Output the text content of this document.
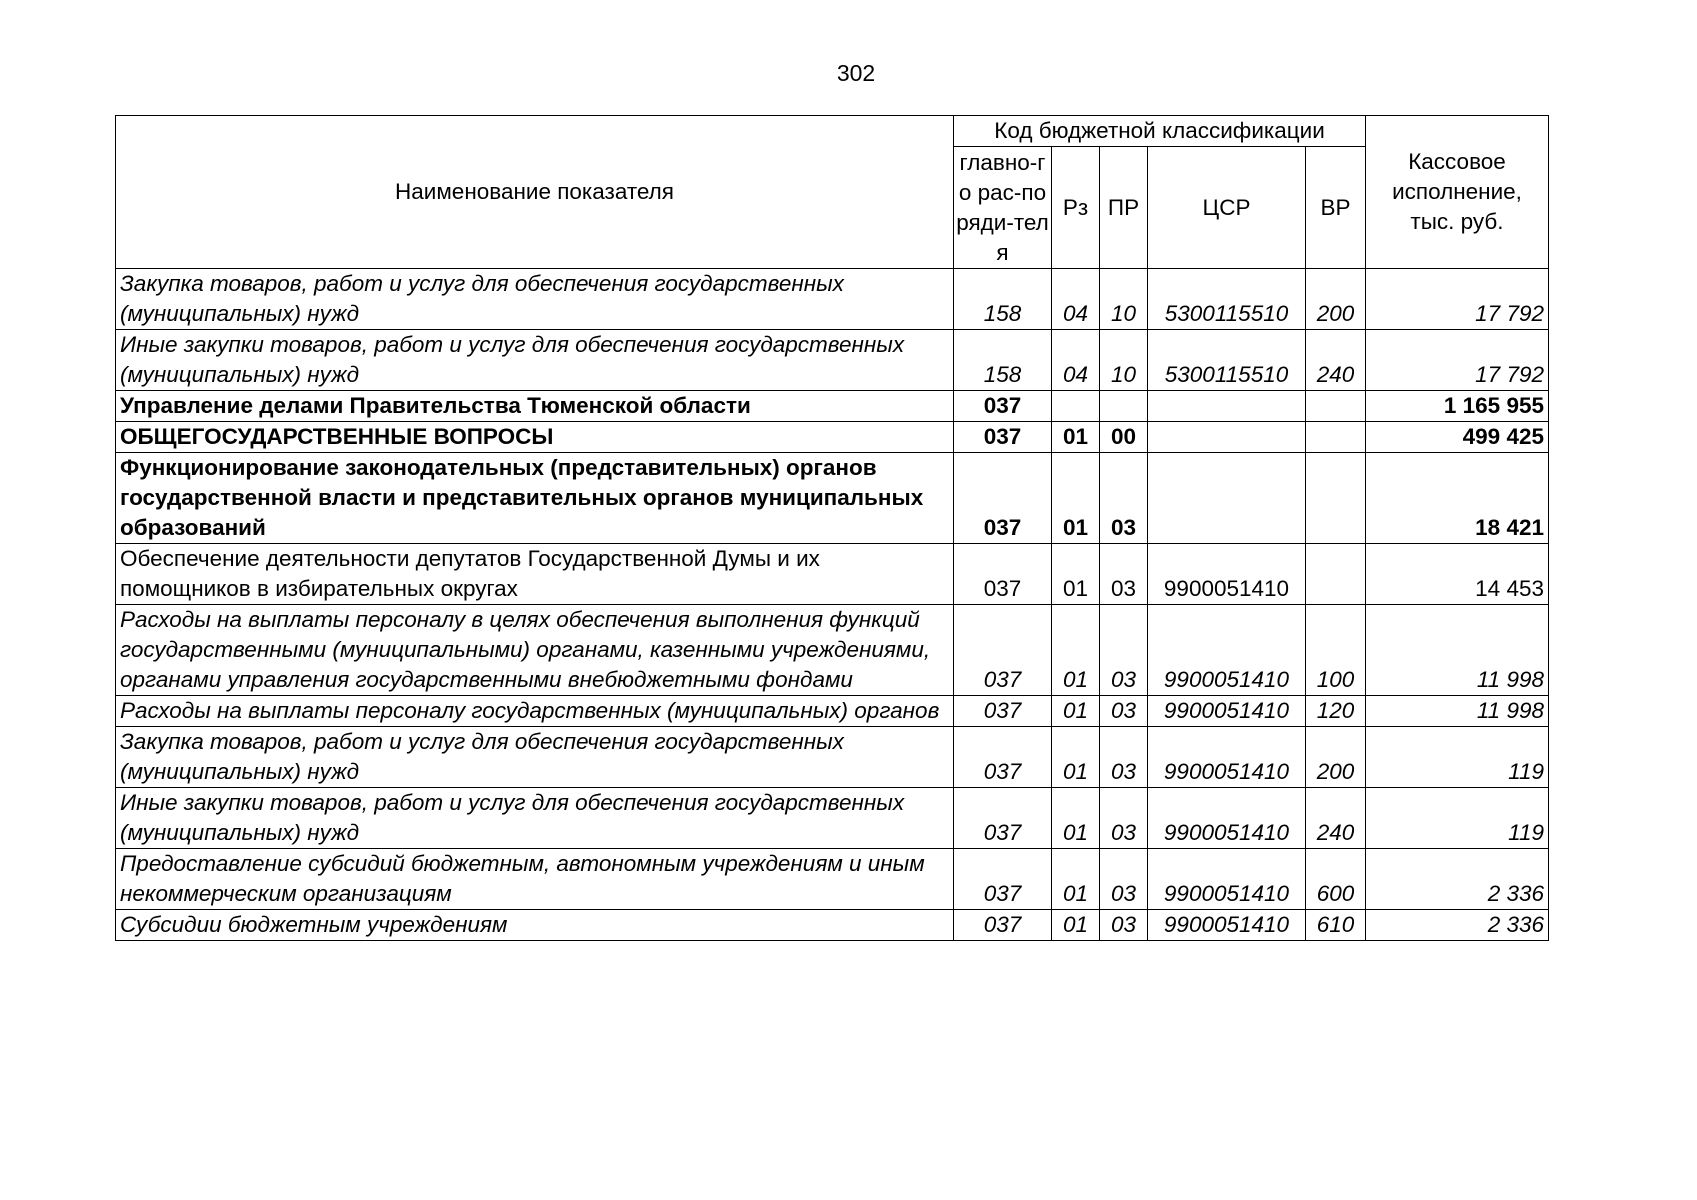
302
Наименование показателя	Код бюджетной классификации					Кассовое исполнение, тыс. руб.
	главно-го рас-поряди-теля	Рз	ПР	ЦСР	ВР	
Закупка товаров, работ и услуг для обеспечения государственных (муниципальных) нужд	158	04	10	5300115510	200	17 792
Иные закупки товаров, работ и услуг для обеспечения государственных (муниципальных) нужд	158	04	10	5300115510	240	17 792
Управление делами Правительства Тюменской области	037					1 165 955
ОБЩЕГОСУДАРСТВЕННЫЕ ВОПРОСЫ	037	01	00			499 425
Функционирование законодательных (представительных) органов государственной власти и представительных органов муниципальных образований	037	01	03			18 421
Обеспечение деятельности депутатов Государственной Думы и их помощников в избирательных округах	037	01	03	9900051410		14 453
Расходы на выплаты персоналу в целях обеспечения выполнения функций государственными (муниципальными) органами, казенными учреждениями, органами управления государственными внебюджетными фондами	037	01	03	9900051410	100	11 998
Расходы на выплаты персоналу государственных (муниципальных) органов	037	01	03	9900051410	120	11 998
Закупка товаров, работ и услуг для обеспечения государственных (муниципальных) нужд	037	01	03	9900051410	200	119
Иные закупки товаров, работ и услуг для обеспечения государственных (муниципальных) нужд	037	01	03	9900051410	240	119
Предоставление субсидий бюджетным, автономным учреждениям и иным некоммерческим организациям	037	01	03	9900051410	600	2 336
Субсидии бюджетным учреждениям	037	01	03	9900051410	610	2 336
